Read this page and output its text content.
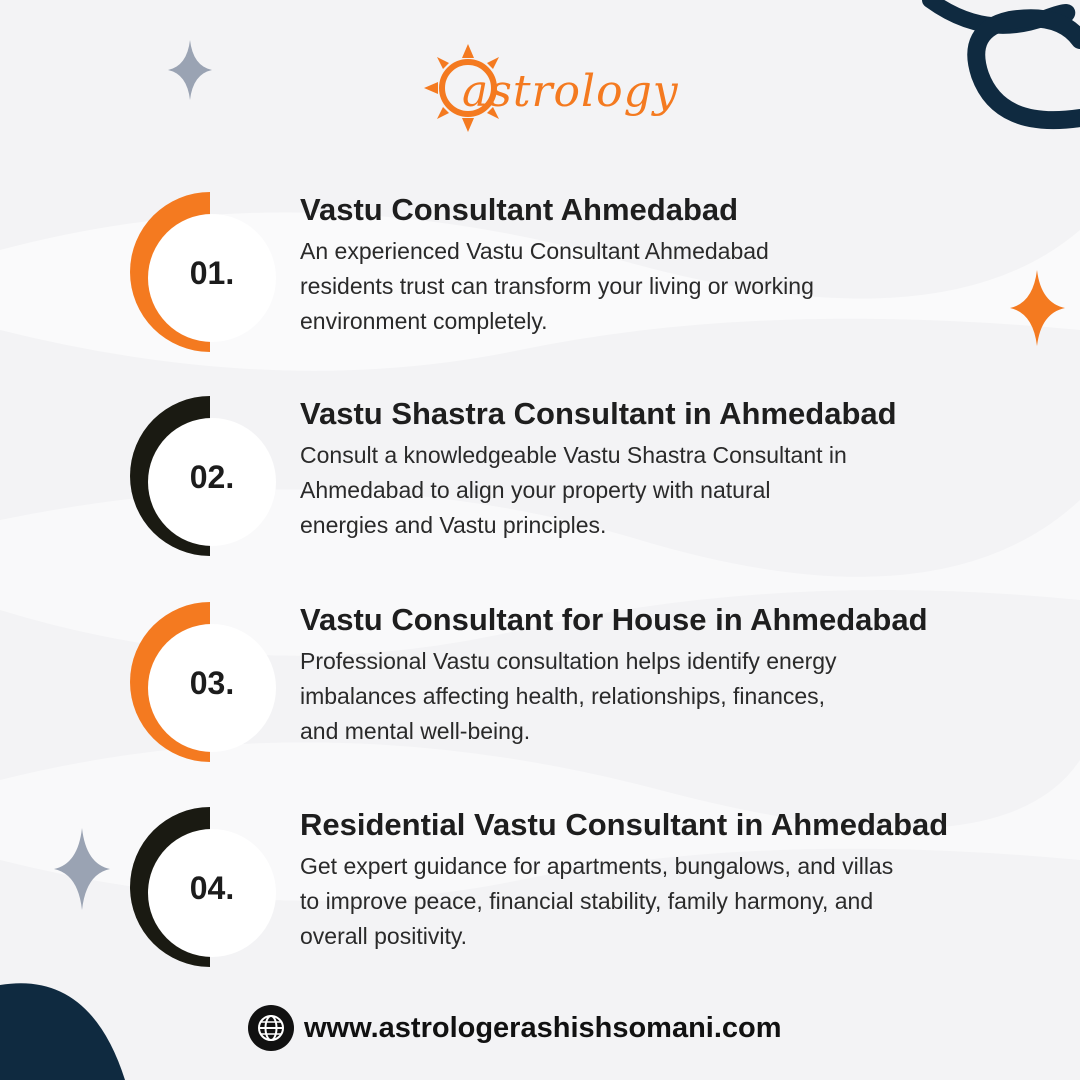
astrology
01.
Vastu Consultant Ahmedabad
An experienced Vastu Consultant Ahmedabad
residents trust can transform your living or working
environment completely.
02.
Vastu Shastra Consultant in Ahmedabad
Consult a knowledgeable Vastu Shastra Consultant in
Ahmedabad to align your property with natural
energies and Vastu principles.
03.
Vastu Consultant for House in Ahmedabad
Professional Vastu consultation helps identify energy
imbalances affecting health, relationships, finances,
and mental well-being.
04.
Residential Vastu Consultant in Ahmedabad
Get expert guidance for apartments, bungalows, and villas
to improve peace, financial stability, family harmony, and
overall positivity.
www.astrologerashishsomani.com
